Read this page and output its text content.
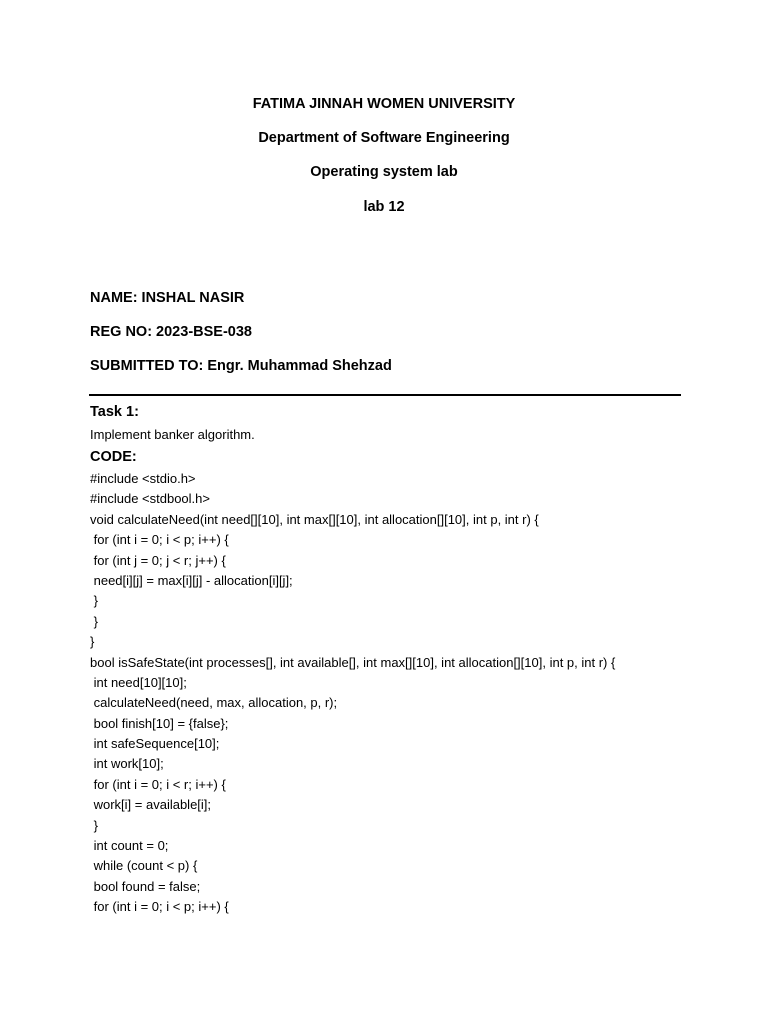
FATIMA JINNAH WOMEN UNIVERSITY
Department of Software Engineering
Operating system lab
lab 12
NAME: INSHAL NASIR
REG NO: 2023-BSE-038
SUBMITTED TO: Engr. Muhammad Shehzad
Task 1:
Implement banker algorithm.
CODE:
#include <stdio.h>
#include <stdbool.h>
void calculateNeed(int need[][10], int max[][10], int allocation[][10], int p, int r) {
for (int i = 0; i < p; i++) {
for (int j = 0; j < r; j++) {
need[i][j] = max[i][j] - allocation[i][j];
}
}
}
bool isSafeState(int processes[], int available[], int max[][10], int allocation[][10], int p, int r) {
int need[10][10];
calculateNeed(need, max, allocation, p, r);
bool finish[10] = {false};
int safeSequence[10];
int work[10];
for (int i = 0; i < r; i++) {
work[i] = available[i];
}
int count = 0;
while (count < p) {
bool found = false;
for (int i = 0; i < p; i++) {
